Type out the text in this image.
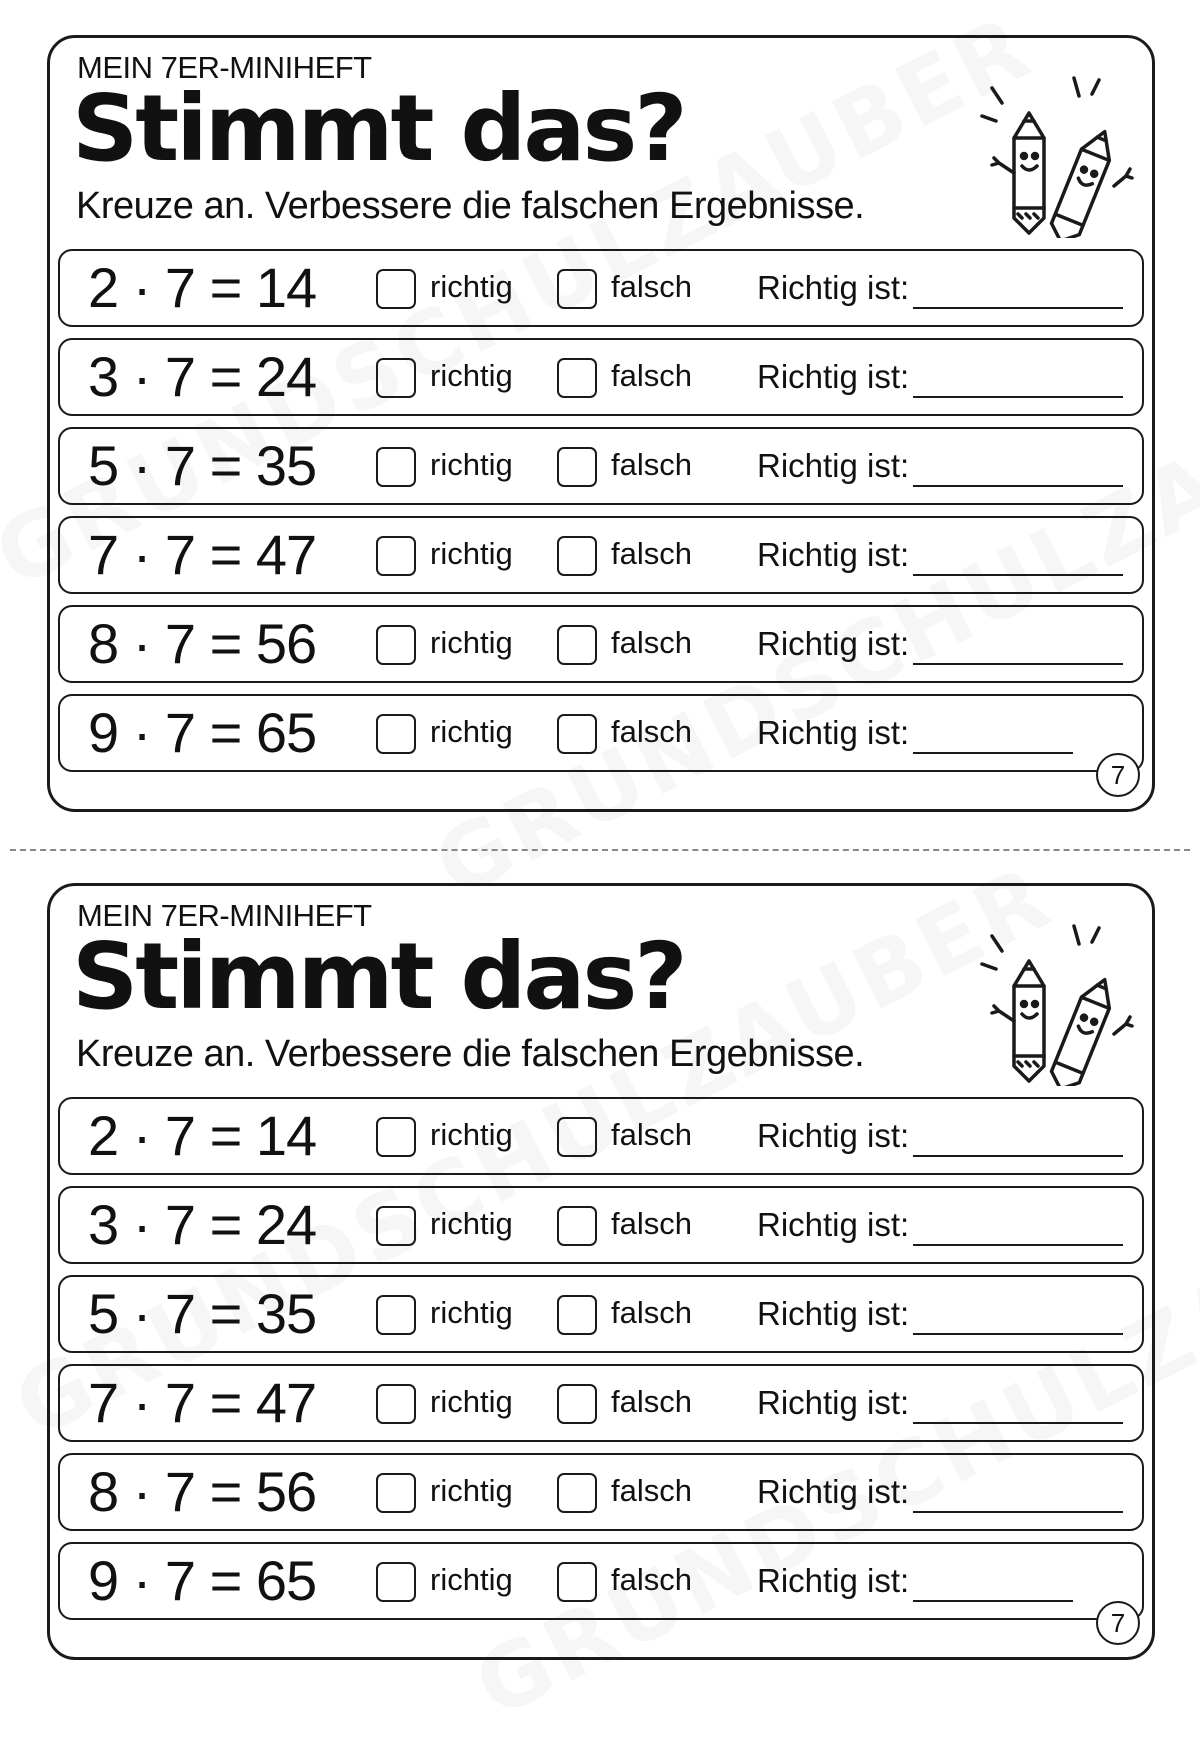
MEIN 7ER-MINIHEFT
Stimmt das?
Kreuze an. Verbessere die falschen Ergebnisse.
2 · 7 = 14	richtig	falsch Richtig ist:
3 · 7 = 24	richtig	falsch Richtig ist:
5 · 7 = 35	richtig	falsch Richtig ist:
7 · 7 = 47	richtig	falsch Richtig ist:
8 · 7 = 56	richtig	falsch Richtig ist:
9 · 7 = 65	richtig	falsch Richtig ist:
7
MEIN 7ER-MINIHEFT
Stimmt das?
Kreuze an. Verbessere die falschen Ergebnisse.
2 · 7 = 14	richtig	falsch Richtig ist:
3 · 7 = 24	richtig	falsch Richtig ist:
5 · 7 = 35	richtig	falsch Richtig ist:
7 · 7 = 47	richtig	falsch Richtig ist:
8 · 7 = 56	richtig	falsch Richtig ist:
9 · 7 = 65	richtig	falsch Richtig ist:
7
